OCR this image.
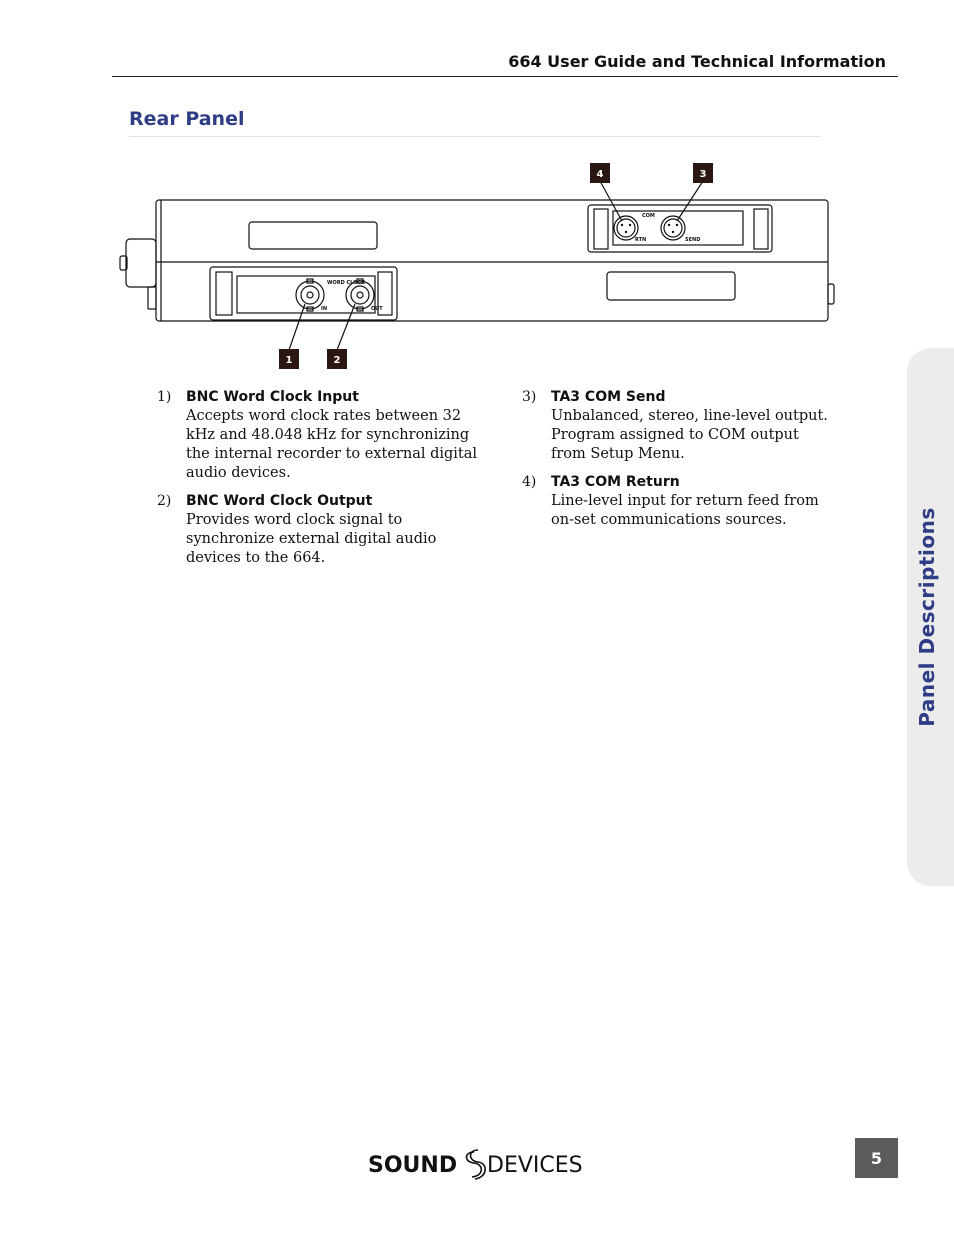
664 User Guide and Technical Information
Rear Panel
WORD CLOCK
IN	OUT
COM
RTN	SEND
1	2
3
4
1)	BNC Word Clock Input
Accepts word clock rates between 32 kHz and 48.048 kHz for synchronizing the internal recorder to external digital audio devices.
2)	BNC Word Clock Output
Provides word clock signal to synchronize external digital audio devices to the 664.
3)	TA3 COM Send
Unbalanced, stereo, line-level output. Program assigned to COM output from Setup Menu.
4)	TA3 COM Return
Line-level input for return feed from on-set communications sources.	Panel Descriptions
SOUND DEVICES	5
